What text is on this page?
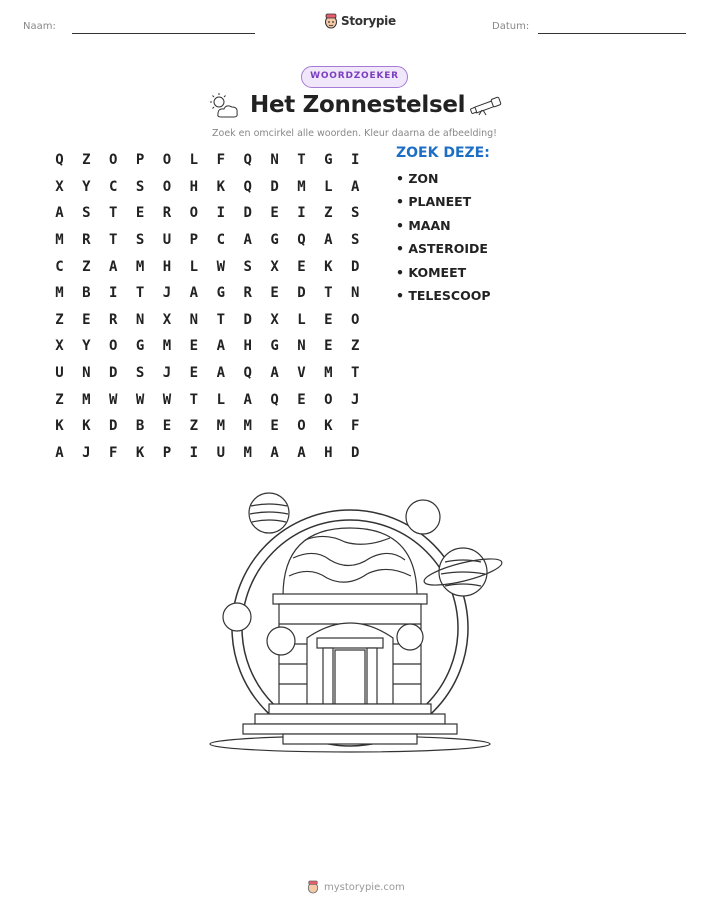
Naam:	Storypie	Datum:
WOORDZOEKER
Het Zonnestelsel
Zoek en omcirkel alle woorden. Kleur daarna de afbeelding!
Q	Z	O	P	O	L	F	Q	N	T	G	I
X	Y	C	S	O	H	K	Q	D	M	L	A
A	S	T	E	R	O	I	D	E	I	Z	S
M	R	T	S	U	P	C	A	G	Q	A	S
C	Z	A	M	H	L	W	S	X	E	K	D
M	B	I	T	J	A	G	R	E	D	T	N
Z	E	R	N	X	N	T	D	X	L	E	O
X	Y	O	G	M	E	A	H	G	N	E	Z
U	N	D	S	J	E	A	Q	A	V	M	T
Z	M	W	W	W	T	L	A	Q	E	O	J
K	K	D	B	E	Z	M	M	E	O	K	F
A	J	F	K	P	I	U	M	A	A	H	D
ZOEK DEZE:
• ZON
• PLANEET
• MAAN
• ASTEROIDE
• KOMEET
• TELESCOOP
mystorypie.com
